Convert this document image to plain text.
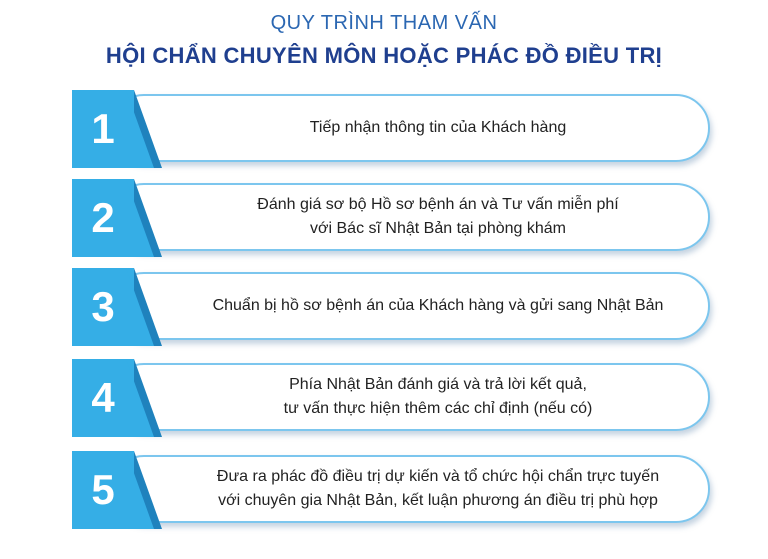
QUY TRÌNH THAM VẤN
HỘI CHẨN CHUYÊN MÔN HOẶC PHÁC ĐỒ ĐIỀU TRỊ
Tiếp nhận thông tin của Khách hàng
1
Đánh giá sơ bộ Hồ sơ bệnh án và Tư vấn miễn phí
với Bác sĩ Nhật Bản tại phòng khám
2
Chuẩn bị hồ sơ bệnh án của Khách hàng và gửi sang Nhật Bản
3
Phía Nhật Bản đánh giá và trả lời kết quả,
tư vấn thực hiện thêm các chỉ định (nếu có)
4
Đưa ra phác đồ điều trị dự kiến và tổ chức hội chẩn trực tuyến
với chuyên gia Nhật Bản, kết luận phương án điều trị phù hợp
5
